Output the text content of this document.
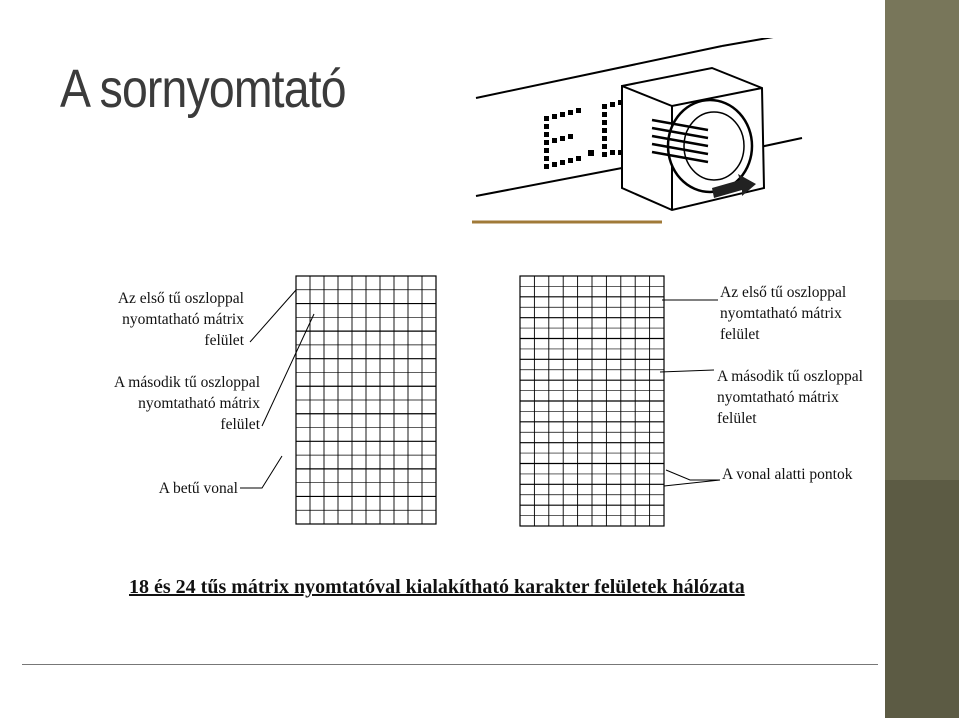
A sornyomtató
Az első tű oszloppal
nyomtatható mátrix
felület
A második tű oszloppal
nyomtatható mátrix
felület
A betű vonal
Az első tű oszloppal
nyomtatható mátrix
felület
A második tű oszloppal
nyomtatható mátrix
felület
A vonal alatti pontok
18 és 24 tűs mátrix nyomtatóval kialakítható karakter felületek hálózata
